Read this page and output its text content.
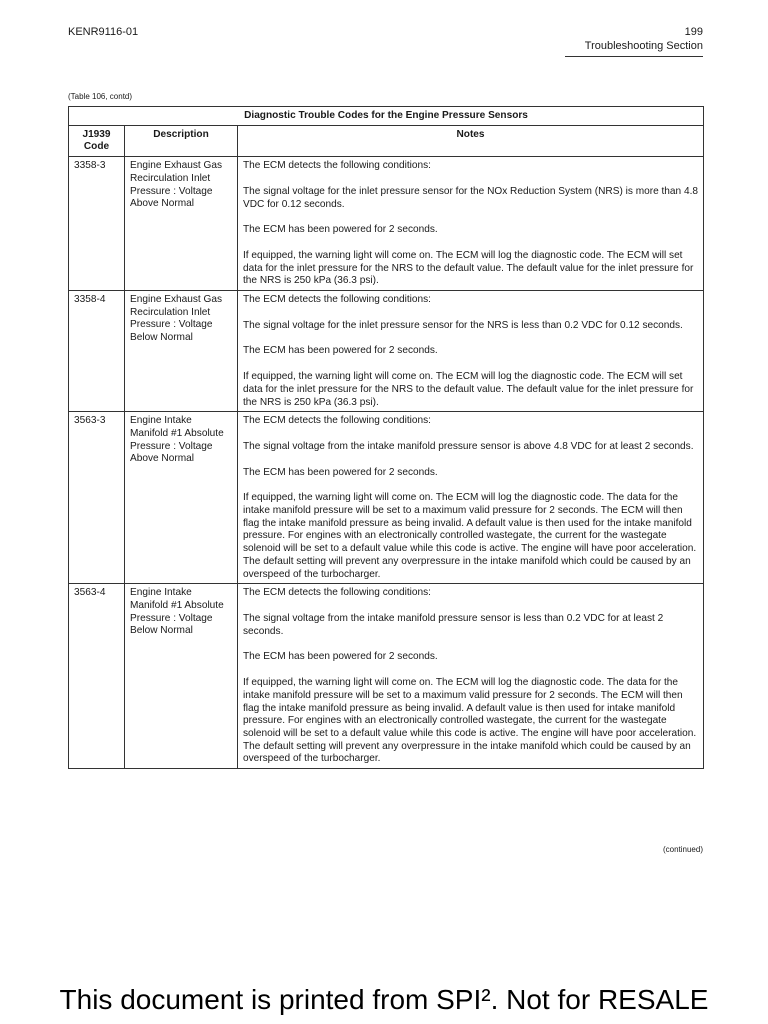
KENR9116-01	199
Troubleshooting Section
(Table 106, contd)
Diagnostic Trouble Codes for the Engine Pressure Sensors		
J1939 Code	Description	Notes
3358-3	Engine Exhaust Gas Recirculation Inlet Pressure : Voltage Above Normal	The ECM detects the following conditions:

The signal voltage for the inlet pressure sensor for the NOx Reduction System (NRS) is more than 4.8 VDC for 0.12 seconds.

The ECM has been powered for 2 seconds.

If equipped, the warning light will come on. The ECM will log the diagnostic code. The ECM will set data for the inlet pressure for the NRS to the default value. The default value for the inlet pressure for the NRS is 250 kPa (36.3 psi).

3358-4	Engine Exhaust Gas Recirculation Inlet Pressure : Voltage Below Normal	The ECM detects the following conditions:

The signal voltage for the inlet pressure sensor for the NRS is less than 0.2 VDC for 0.12 seconds.

The ECM has been powered for 2 seconds.

If equipped, the warning light will come on. The ECM will log the diagnostic code. The ECM will set data for the inlet pressure for the NRS to the default value. The default value for the inlet pressure for the NRS is 250 kPa (36.3 psi).

3563-3	Engine Intake Manifold #1 Absolute Pressure : Voltage Above Normal	The ECM detects the following conditions:

The signal voltage from the intake manifold pressure sensor is above 4.8 VDC for at least 2 seconds.

The ECM has been powered for 2 seconds.

If equipped, the warning light will come on. The ECM will log the diagnostic code. The data for the intake manifold pressure will be set to a maximum valid pressure for 2 seconds. The ECM will then flag the intake manifold pressure as being invalid. A default value is then used for the intake manifold pressure. For engines with an electronically controlled wastegate, the current for the wastegate solenoid will be set to a default value while this code is active. The engine will have poor acceleration. The default setting will prevent any overpressure in the intake manifold which could be caused by an overspeed of the turbocharger.

3563-4	Engine Intake Manifold #1 Absolute Pressure : Voltage Below Normal	The ECM detects the following conditions:

The signal voltage from the intake manifold pressure sensor is less than 0.2 VDC for at least 2 seconds.

The ECM has been powered for 2 seconds.

If equipped, the warning light will come on. The ECM will log the diagnostic code. The data for the intake manifold pressure will be set to a maximum valid pressure for 2 seconds. The ECM will then flag the intake manifold pressure as being invalid. A default value is then used for intake manifold pressure. For engines with an electronically controlled wastegate, the current for the wastegate solenoid will be set to a default value while this code is active. The engine will have poor acceleration. The default setting will prevent any overpressure in the intake manifold which could be caused by an overspeed of the turbocharger.

(continued)
This document is printed from SPI². Not for RESALE
